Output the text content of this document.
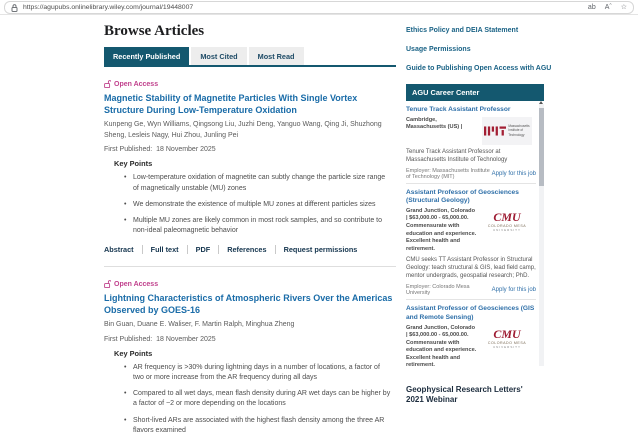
https://agupubs.onlinelibrary.wiley.com/journal/19448007	ab Aˆ ☆
Browse Articles
Recently Published	Most Cited	Most Read
Open Access
Magnetic Stability of Magnetite Particles With Single Vortex Structure During Low-Temperature Oxidation
Kunpeng Ge, Wyn Williams, Qingsong Liu, Juzhi Deng, Yanguo Wang, Qing Ji, Shuzhong Sheng, Lesleis Nagy, Hui Zhou, Junling Pei
First Published: 18 November 2025
Key Points
• Low-temperature oxidation of magnetite can subtly change the particle size range of magnetically unstable (MU) zones
• We demonstrate the existence of multiple MU zones at different particles sizes
• Multiple MU zones are likely common in most rock samples, and so contribute to non-ideal paleomagnetic behavior
Abstract	Full text	PDF	References	Request permissions
Open Access
Lightning Characteristics of Atmospheric Rivers Over the Americas Observed by GOES-16
Bin Guan, Duane E. Waliser, F. Martin Ralph, Minghua Zheng
First Published: 18 November 2025
Key Points
• AR frequency is >30% during lightning days in a number of locations, a factor of two or more increase from the AR frequency during all days
• Compared to all wet days, mean flash density during AR wet days can be higher by a factor of ~2 or more depending on the locations
• Short-lived ARs are associated with the highest flash density among the three AR flavors examined
Ethics Policy and DEIA Statement
Usage Permissions
Guide to Publishing Open Access with AGU
AGU Career Center
Tenure Track Assistant Professor
Cambridge, Massachusetts (US) |	Massachusetts
Institute of
Technology
Tenure Track Assistant Professor at Massachusetts Institute of Technology
Employer: Massachusetts Institute of Technology (MIT)	Apply for this job
Assistant Professor of Geosciences (Structural Geology)
Grand Junction, Colorado | $63,000.00 - 65,000.00. Commensurate with education and experience. Excellent health and retirement.
CMU
COLORADO MESA
UNIVERSITY
CMU seeks TT Assistant Professor in Structural Geology: teach structural & GIS, lead field camp, mentor undergrads, geospatial research; PhD.
Employer: Colorado Mesa University	Apply for this job
Assistant Professor of Geosciences (GIS and Remote Sensing)
Grand Junction, Colorado | $63,000.00 - 65,000.00. Commensurate with education and experience. Excellent health and retirement.
CMU
COLORADO MESA
UNIVERSITY
Geophysical Research Letters' 2021 Webinar
